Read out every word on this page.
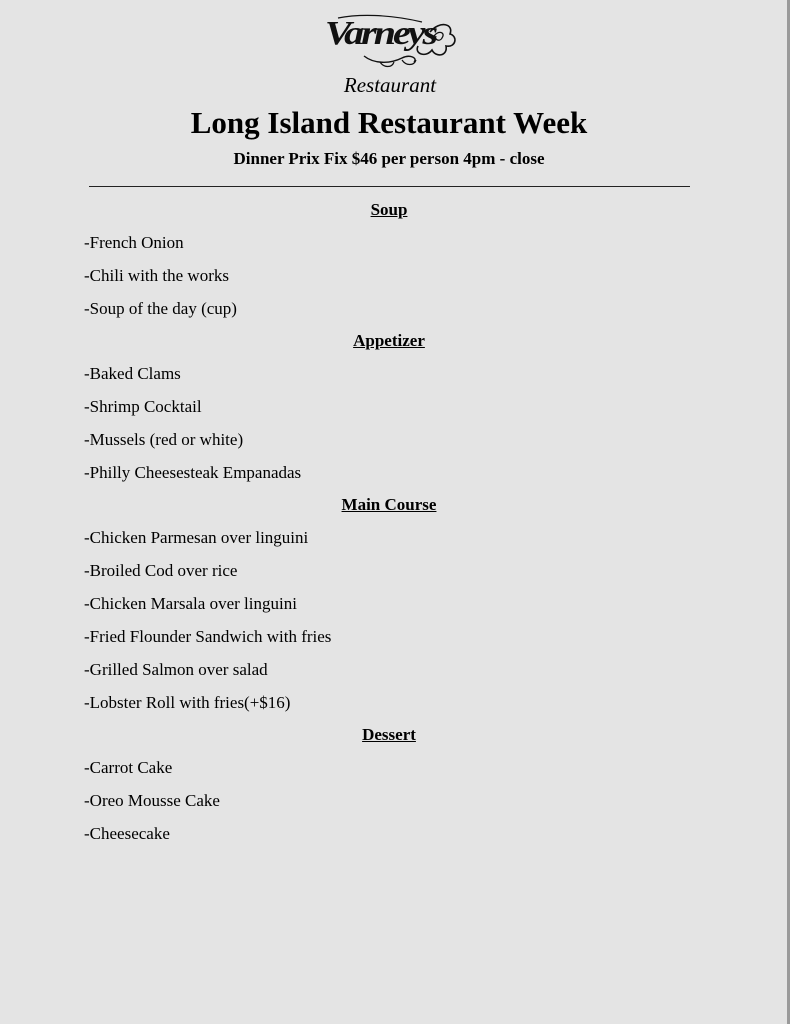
Varneys
Restaurant
Long Island Restaurant Week
Dinner Prix Fix $46 per person 4pm - close
Soup
-French Onion
-Chili with the works
-Soup of the day (cup)
Appetizer
-Baked Clams
-Shrimp Cocktail
-Mussels (red or white)
-Philly Cheesesteak Empanadas
Main Course
-Chicken Parmesan over linguini
-Broiled Cod over rice
-Chicken Marsala over linguini
-Fried Flounder Sandwich with fries
-Grilled Salmon over salad
-Lobster Roll with fries(+$16)
Dessert
-Carrot Cake
-Oreo Mousse Cake
-Cheesecake
